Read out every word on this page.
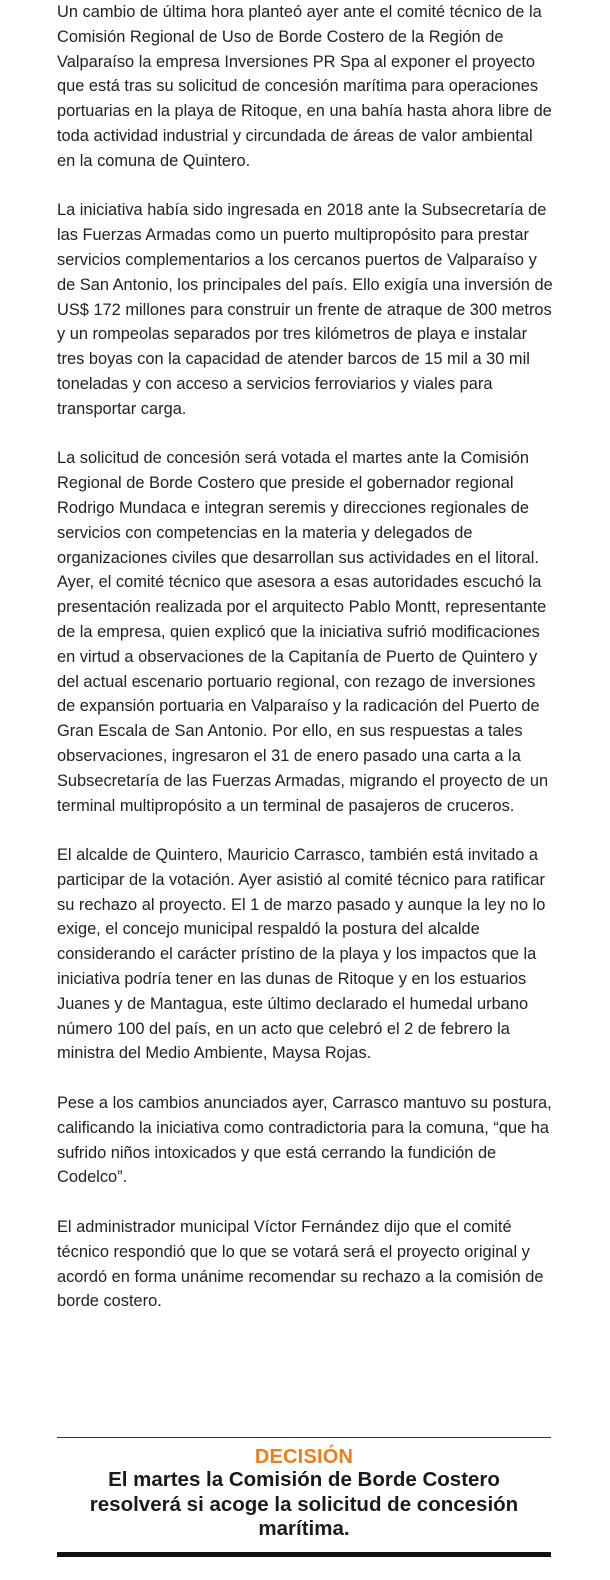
Un cambio de última hora planteó ayer ante el comité técnico de la Comisión Regional de Uso de Borde Costero de la Región de Valparaíso la empresa Inversiones PR Spa al exponer el proyecto que está tras su solicitud de concesión marítima para operaciones portuarias en la playa de Ritoque, en una bahía hasta ahora libre de toda actividad industrial y circundada de áreas de valor ambiental en la comuna de Quintero.

La iniciativa había sido ingresada en 2018 ante la Subsecretaría de las Fuerzas Armadas como un puerto multipropósito para prestar servicios complementarios a los cercanos puertos de Valparaíso y de San Antonio, los principales del país. Ello exigía una inversión de US$ 172 millones para construir un frente de atraque de 300 metros y un rompeolas separados por tres kilómetros de playa e instalar tres boyas con la capacidad de atender barcos de 15 mil a 30 mil toneladas y con acceso a servicios ferroviarios y viales para transportar carga.

La solicitud de concesión será votada el martes ante la Comisión Regional de Borde Costero que preside el gobernador regional Rodrigo Mundaca e integran seremis y direcciones regionales de servicios con competencias en la materia y delegados de organizaciones civiles que desarrollan sus actividades en el litoral. Ayer, el comité técnico que asesora a esas autoridades escuchó la presentación realizada por el arquitecto Pablo Montt, representante de la empresa, quien explicó que la iniciativa sufrió modificaciones en virtud a observaciones de la Capitanía de Puerto de Quintero y del actual escenario portuario regional, con rezago de inversiones de expansión portuaria en Valparaíso y la radicación del Puerto de Gran Escala de San Antonio. Por ello, en sus respuestas a tales observaciones, ingresaron el 31 de enero pasado una carta a la Subsecretaría de las Fuerzas Armadas, migrando el proyecto de un terminal multipropósito a un terminal de pasajeros de cruceros.

El alcalde de Quintero, Mauricio Carrasco, también está invitado a participar de la votación. Ayer asistió al comité técnico para ratificar su rechazo al proyecto. El 1 de marzo pasado y aunque la ley no lo exige, el concejo municipal respaldó la postura del alcalde considerando el carácter prístino de la playa y los impactos que la iniciativa podría tener en las dunas de Ritoque y en los estuarios Juanes y de Mantagua, este último declarado el humedal urbano número 100 del país, en un acto que celebró el 2 de febrero la ministra del Medio Ambiente, Maysa Rojas.

Pese a los cambios anunciados ayer, Carrasco mantuvo su postura, calificando la iniciativa como contradictoria para la comuna, “que ha sufrido niños intoxicados y que está cerrando la fundición de Codelco”.

El administrador municipal Víctor Fernández dijo que el comité técnico respondió que lo que se votará será el proyecto original y acordó en forma unánime recomendar su rechazo a la comisión de borde costero.

DECISIÓN
El martes la Comisión de Borde Costero resolverá si acoge la solicitud de concesión marítima.
